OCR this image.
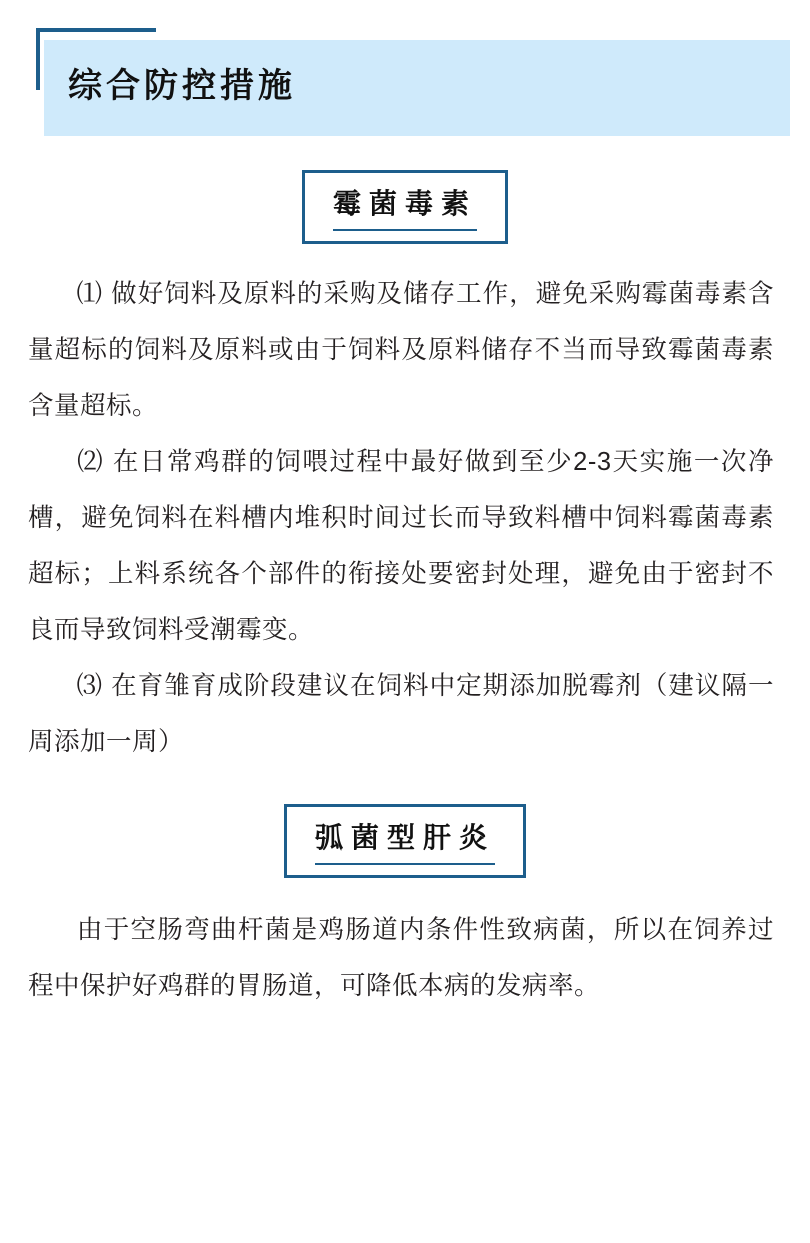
综合防控措施
霉菌毒素

⑴ 做好饲料及原料的采购及储存工作，避免采购霉菌毒素含量超标的饲料及原料或由于饲料及原料储存不当而导致霉菌毒素含量超标。

⑵ 在日常鸡群的饲喂过程中最好做到至少2-3天实施一次净槽，避免饲料在料槽内堆积时间过长而导致料槽中饲料霉菌毒素超标；上料系统各个部件的衔接处要密封处理，避免由于密封不良而导致饲料受潮霉变。

⑶ 在育雏育成阶段建议在饲料中定期添加脱霉剂（建议隔一周添加一周）

弧菌型肝炎

由于空肠弯曲杆菌是鸡肠道内条件性致病菌，所以在饲养过程中保护好鸡群的胃肠道，可降低本病的发病率。
